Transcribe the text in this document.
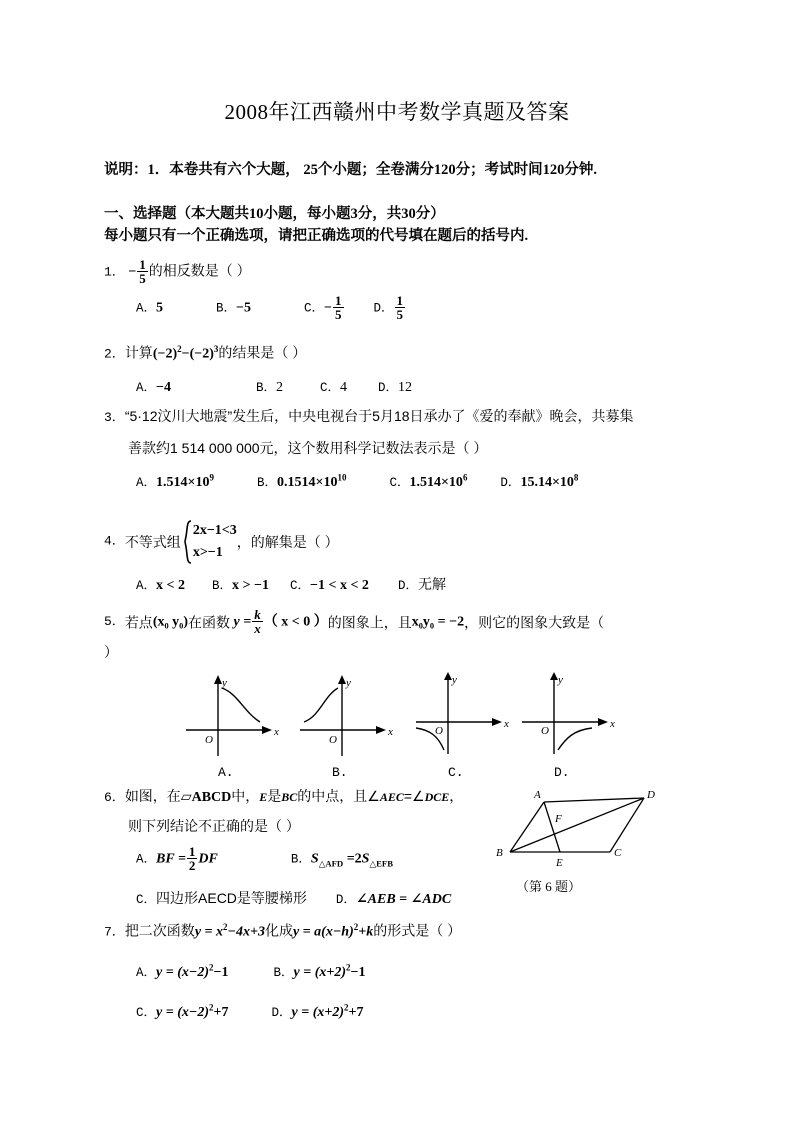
2008年江西赣州中考数学真题及答案
说明：1．本卷共有六个大题， 25个小题；全卷满分120分；考试时间120分钟.
一、选择题（本大题共10小题，每小题3分，共30分）
每小题只有一个正确选项，请把正确选项的代号填在题后的括号内.
1． − $\frac{1}{5}$ 的相反数是（ ）
A．5	B．−5	C．− $\frac{1}{5}$ D． $\frac{1}{5}$
2．计算$(-2)^2-(-2)^3$的结果是（ ）
A．−4	B．2	C．4 D．12
3．“5·12汶川大地震”发生后，中央电视台于5月18日承办了《爱的奉献》晚会，共募集
善款约1 514 000 000元，这个数用科学记数法表示是（ ）
A．$1.514\times 10^9$	B．$0.1514\times 10^{10}$	C．$1.514\times 10^6$	D．$15.14\times 10^8$
4．不等式组
2x−1<3
x>−1
，的解集是（ ）
A．x < 2 B．x > −1 C．−1 < x < 2 D．无解
5．若点(x₀ y₀)在函数 $y = \frac{k}{x}$ （ x < 0 ）的图象上，且x₀y₀ = −2，则它的图象大致是（
）
y
x
O
A.
y
x
O
B.
y
x
O
C.
y
x
O
D.
6．如图，在▱ABCD中，E是BC的中点，且∠AEC=∠DCE，
则下列结论不正确的是（ ）
A．BF = $\frac{1}{2}$ DF	B．$S_{\triangle AFD} =2S_{\triangle EFB}$
C．四边形AECD是等腰梯形 D．∠AEB = ∠ADC
A	D
B	C
E
F
（第 6 题）
7．把二次函数$y = x^2-4x+3$化成$y = a(x-h)^2+k$的形式是（ ）
A．$y = (x-2)^2-1$	B．$y = (x+2)^2-1$
C．$y = (x-2)^2+7$	D．$y = (x+2)^2+7$
